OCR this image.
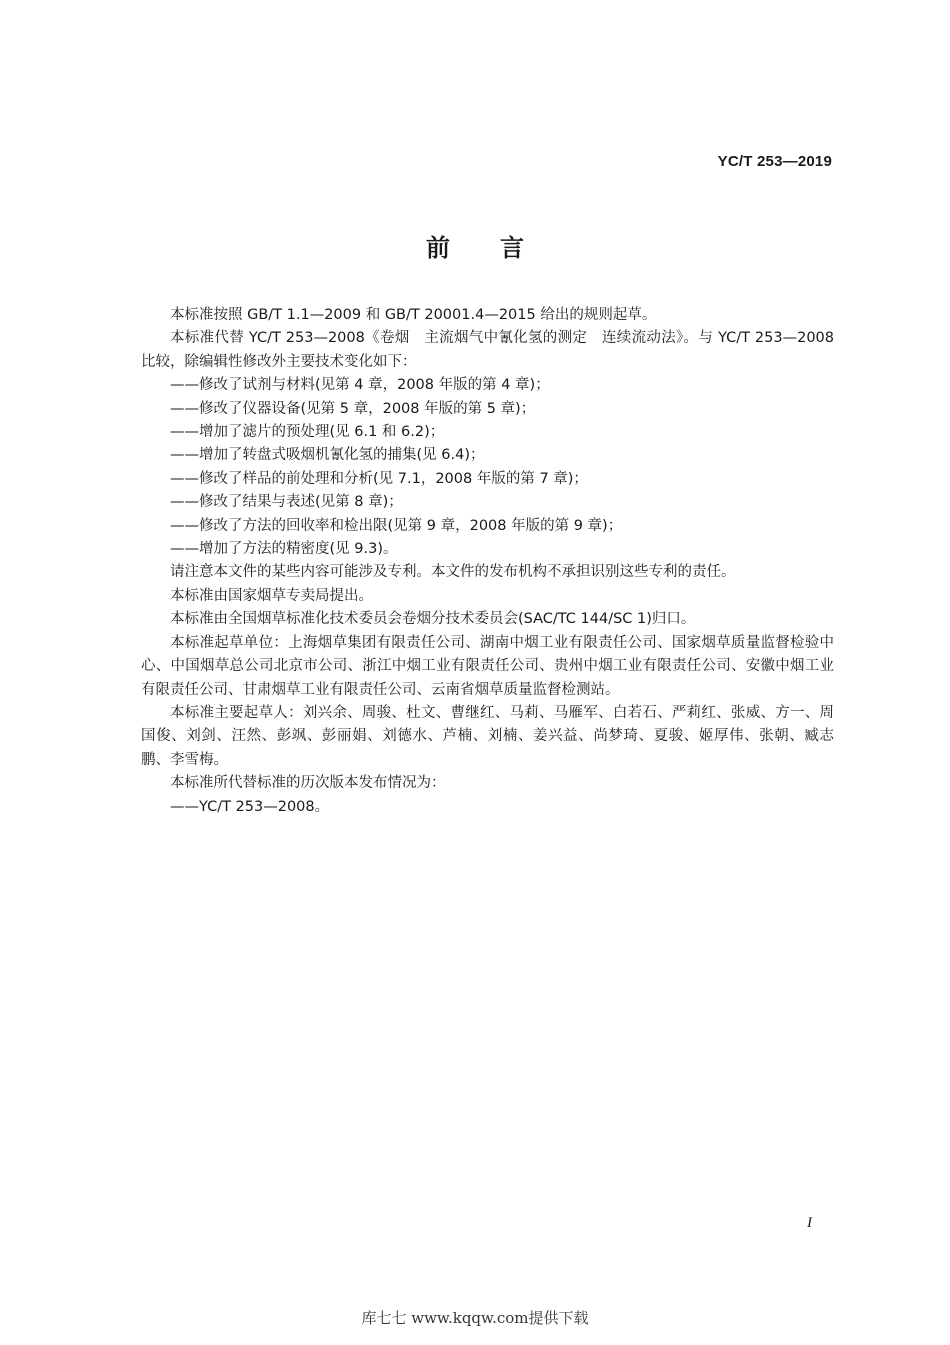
YC/T 253—2019
前言

本标准按照 GB/T 1.1—2009 和 GB/T 20001.4—2015 给出的规则起草。

本标准代替 YC/T 253—2008《卷烟　主流烟气中氰化氢的测定　连续流动法》。与 YC/T 253—2008 比较，除编辑性修改外主要技术变化如下：

——修改了试剂与材料(见第 4 章，2008 年版的第 4 章)；

——修改了仪器设备(见第 5 章，2008 年版的第 5 章)；

——增加了滤片的预处理(见 6.1 和 6.2)；

——增加了转盘式吸烟机氰化氢的捕集(见 6.4)；

——修改了样品的前处理和分析(见 7.1，2008 年版的第 7 章)；

——修改了结果与表述(见第 8 章)；

——修改了方法的回收率和检出限(见第 9 章，2008 年版的第 9 章)；

——增加了方法的精密度(见 9.3)。

请注意本文件的某些内容可能涉及专利。本文件的发布机构不承担识别这些专利的责任。

本标准由国家烟草专卖局提出。

本标准由全国烟草标准化技术委员会卷烟分技术委员会(SAC/TC 144/SC 1)归口。

本标准起草单位：上海烟草集团有限责任公司、湖南中烟工业有限责任公司、国家烟草质量监督检验中心、中国烟草总公司北京市公司、浙江中烟工业有限责任公司、贵州中烟工业有限责任公司、安徽中烟工业有限责任公司、甘肃烟草工业有限责任公司、云南省烟草质量监督检测站。

本标准主要起草人：刘兴余、周骏、杜文、曹继红、马莉、马雁军、白若石、严莉红、张威、方一、周国俊、刘剑、汪然、彭飒、彭丽娟、刘德水、芦楠、刘楠、姜兴益、尚梦琦、夏骏、姬厚伟、张朝、臧志鹏、李雪梅。

本标准所代替标准的历次版本发布情况为：

——YC/T 253—2008。

I
库七七 www.kqqw.com提供下载
